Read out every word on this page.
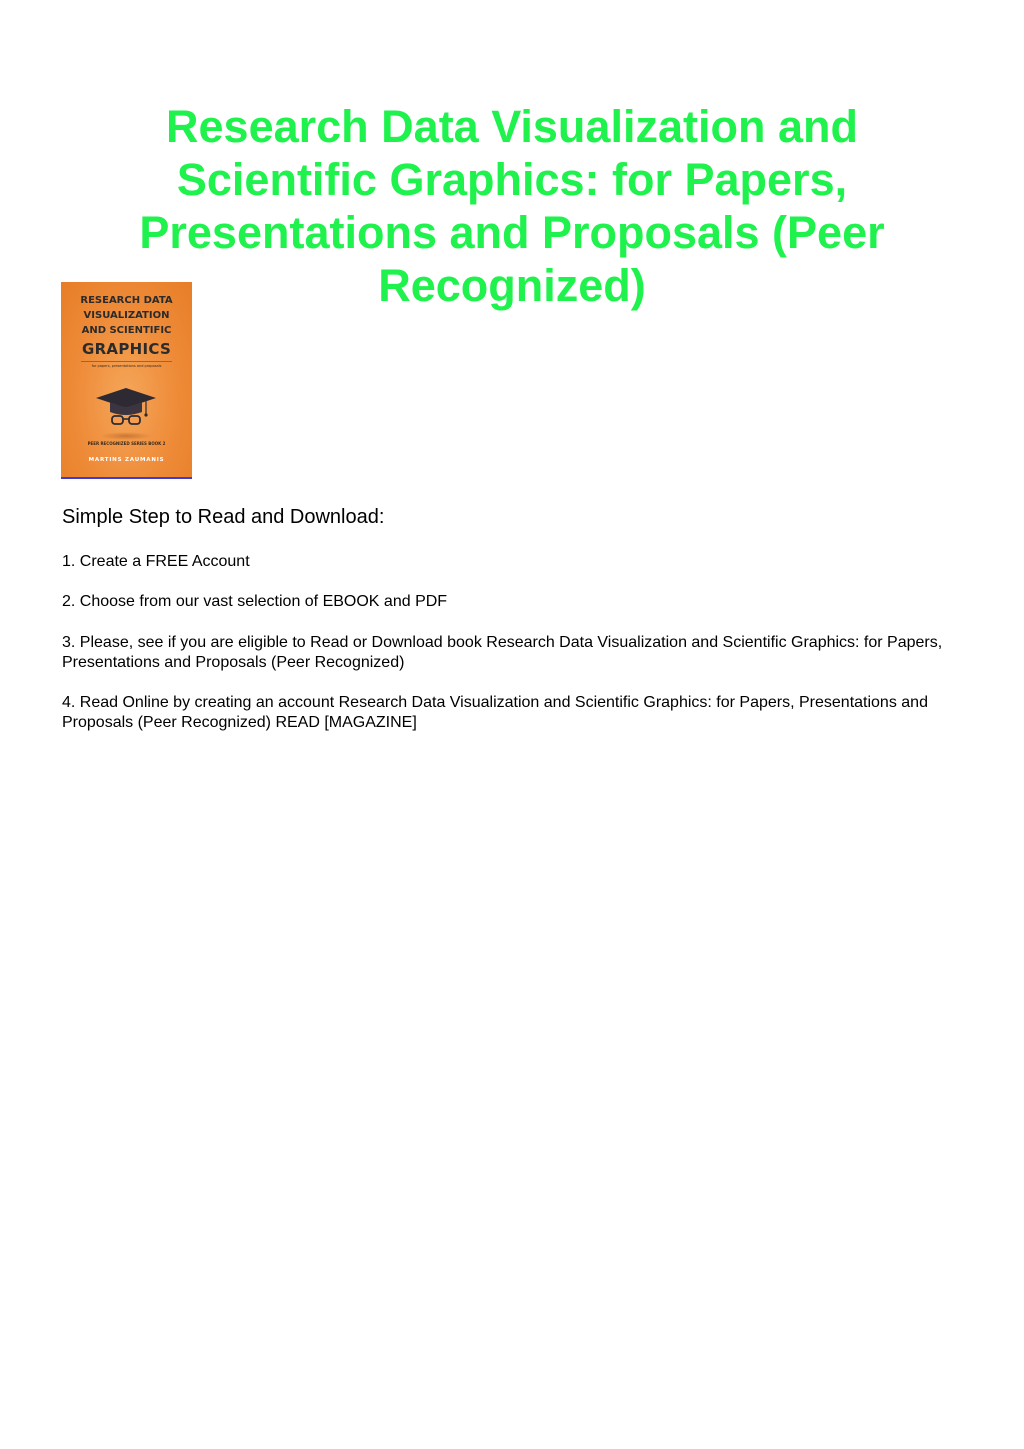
Research Data Visualization and Scientific Graphics: for Papers, Presentations and Proposals (Peer Recognized)
RESEARCH DATA
VISUALIZATION
AND SCIENTIFIC
GRAPHICS
for papers, presentations and proposals
PEER RECOGNIZED SERIES BOOK 2
MARTINS ZAUMANIS
Simple Step to Read and Download:

1. Create a FREE Account

2. Choose from our vast selection of EBOOK and PDF

3. Please, see if you are eligible to Read or Download book Research Data Visualization and Scientific Graphics: for Papers, Presentations and Proposals (Peer Recognized)

4. Read Online by creating an account Research Data Visualization and Scientific Graphics: for Papers, Presentations and Proposals (Peer Recognized) READ [MAGAZINE]
